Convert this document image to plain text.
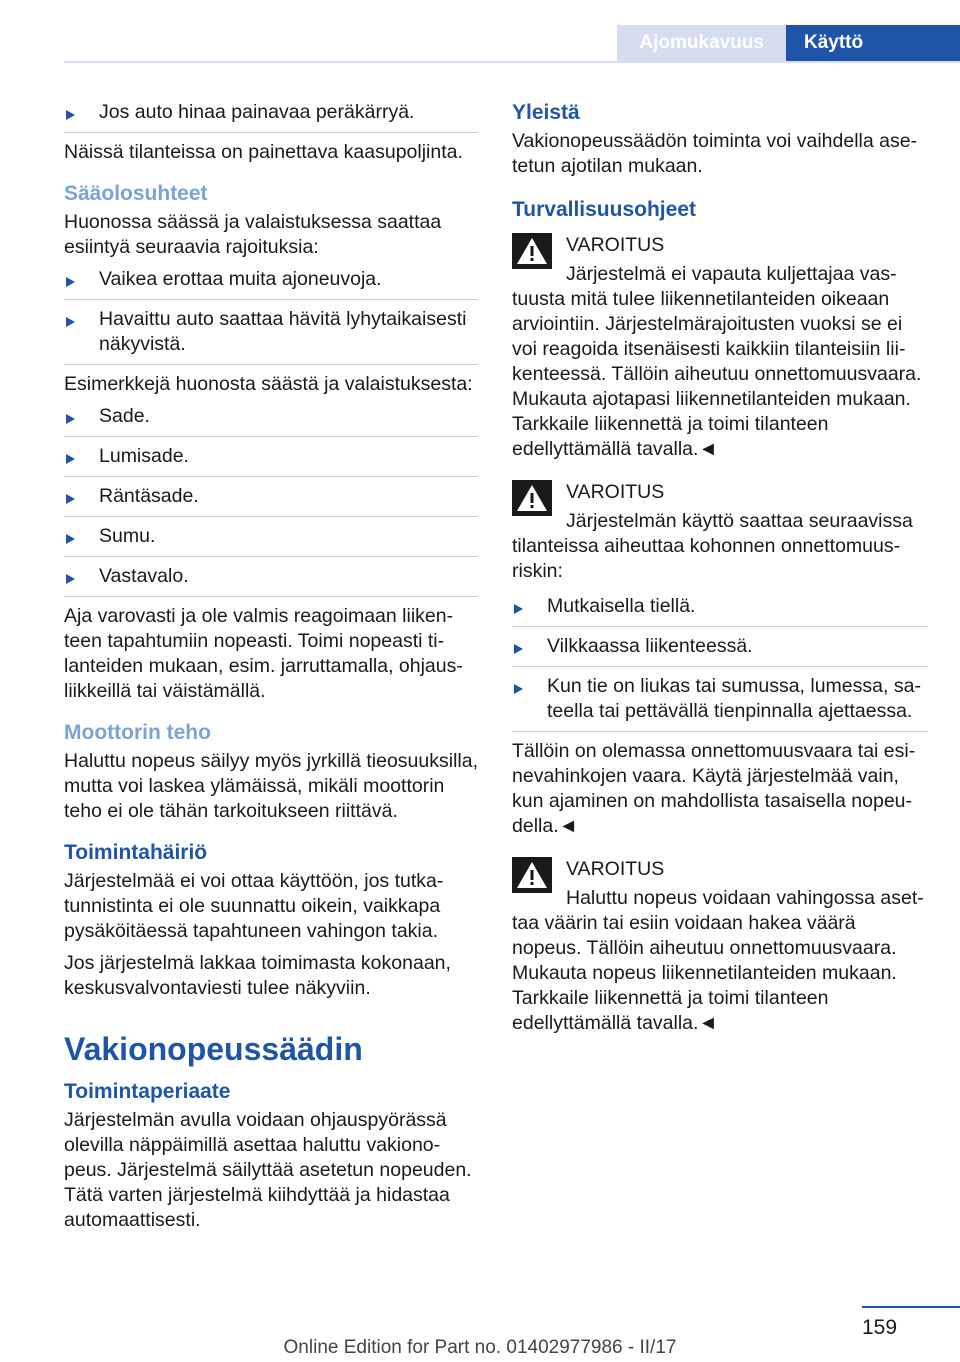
Ajomukavuus	Käyttö
Jos auto hinaa painavaa peräkärryä.

Näissä tilanteissa on painettava kaasupoljinta.

Sääolosuhteet

Huonossa säässä ja valaistuksessa saattaa esiintyä seuraavia rajoituksia:

Vaikea erottaa muita ajoneuvoja.
Havaittu auto saattaa hävitä lyhytaikaisesti näkyvistä.

Esimerkkejä huonosta säästä ja valaistuksesta:

Sade.
Lumisade.
Räntäsade.
Sumu.
Vastavalo.

Aja varovasti ja ole valmis reagoimaan liikenteen tapahtumiin nopeasti. Toimi nopeasti tilanteiden mukaan, esim. jarruttamalla, ohjausliikkeillä tai väistämällä.

Moottorin teho

Haluttu nopeus säilyy myös jyrkillä tieosuuksilla, mutta voi laskea ylämäissä, mikäli moottorin teho ei ole tähän tarkoitukseen riittävä.

Toimintahäiriö

Järjestelmää ei voi ottaa käyttöön, jos tutkatunnistinta ei ole suunnattu oikein, vaikkapa pysäköitäessä tapahtuneen vahingon takia.

Jos järjestelmä lakkaa toimimasta kokonaan, keskusvalvontaviesti tulee näkyviin.

Vakionopeussäädin
Toimintaperiaate

Järjestelmän avulla voidaan ohjauspyörässä olevilla näppäimillä asettaa haluttu vakionopeus. Järjestelmä säilyttää asetetun nopeuden. Tätä varten järjestelmä kiihdyttää ja hidastaa automaattisesti.

Yleistä

Vakionopeussäädön toiminta voi vaihdella asetetun ajotilan mukaan.

Turvallisuusohjeet
VAROITUS
Järjestelmä ei vapauta kuljettajaa vastuusta mitä tulee liikennetilanteiden oikeaan arviointiin. Järjestelmärajoitusten vuoksi se ei voi reagoida itsenäisesti kaikkiin tilanteisiin liikenteessä. Tällöin aiheutuu onnettomuusvaara. Mukauta ajotapasi liikennetilanteiden mukaan. Tarkkaile liikennettä ja toimi tilanteen edellyttämällä tavalla.◄
VAROITUS
Järjestelmän käyttö saattaa seuraavissa tilanteissa aiheuttaa kohonnen onnettomuusriskin:
Mutkaisella tiellä.
Vilkkaassa liikenteessä.
Kun tie on liukas tai sumussa, lumessa, sateella tai pettävällä tienpinnalla ajettaessa.

Tällöin on olemassa onnettomuusvaara tai esinevahinkojen vaara. Käytä järjestelmää vain, kun ajaminen on mahdollista tasaisella nopeudella.◄

VAROITUS
Haluttu nopeus voidaan vahingossa asettaa väärin tai esiin voidaan hakea väärä nopeus. Tällöin aiheutuu onnettomuusvaara. Mukauta nopeus liikennetilanteiden mukaan. Tarkkaile liikennettä ja toimi tilanteen edellyttämällä tavalla.◄
159
Online Edition for Part no. 01402977986 - II/17
